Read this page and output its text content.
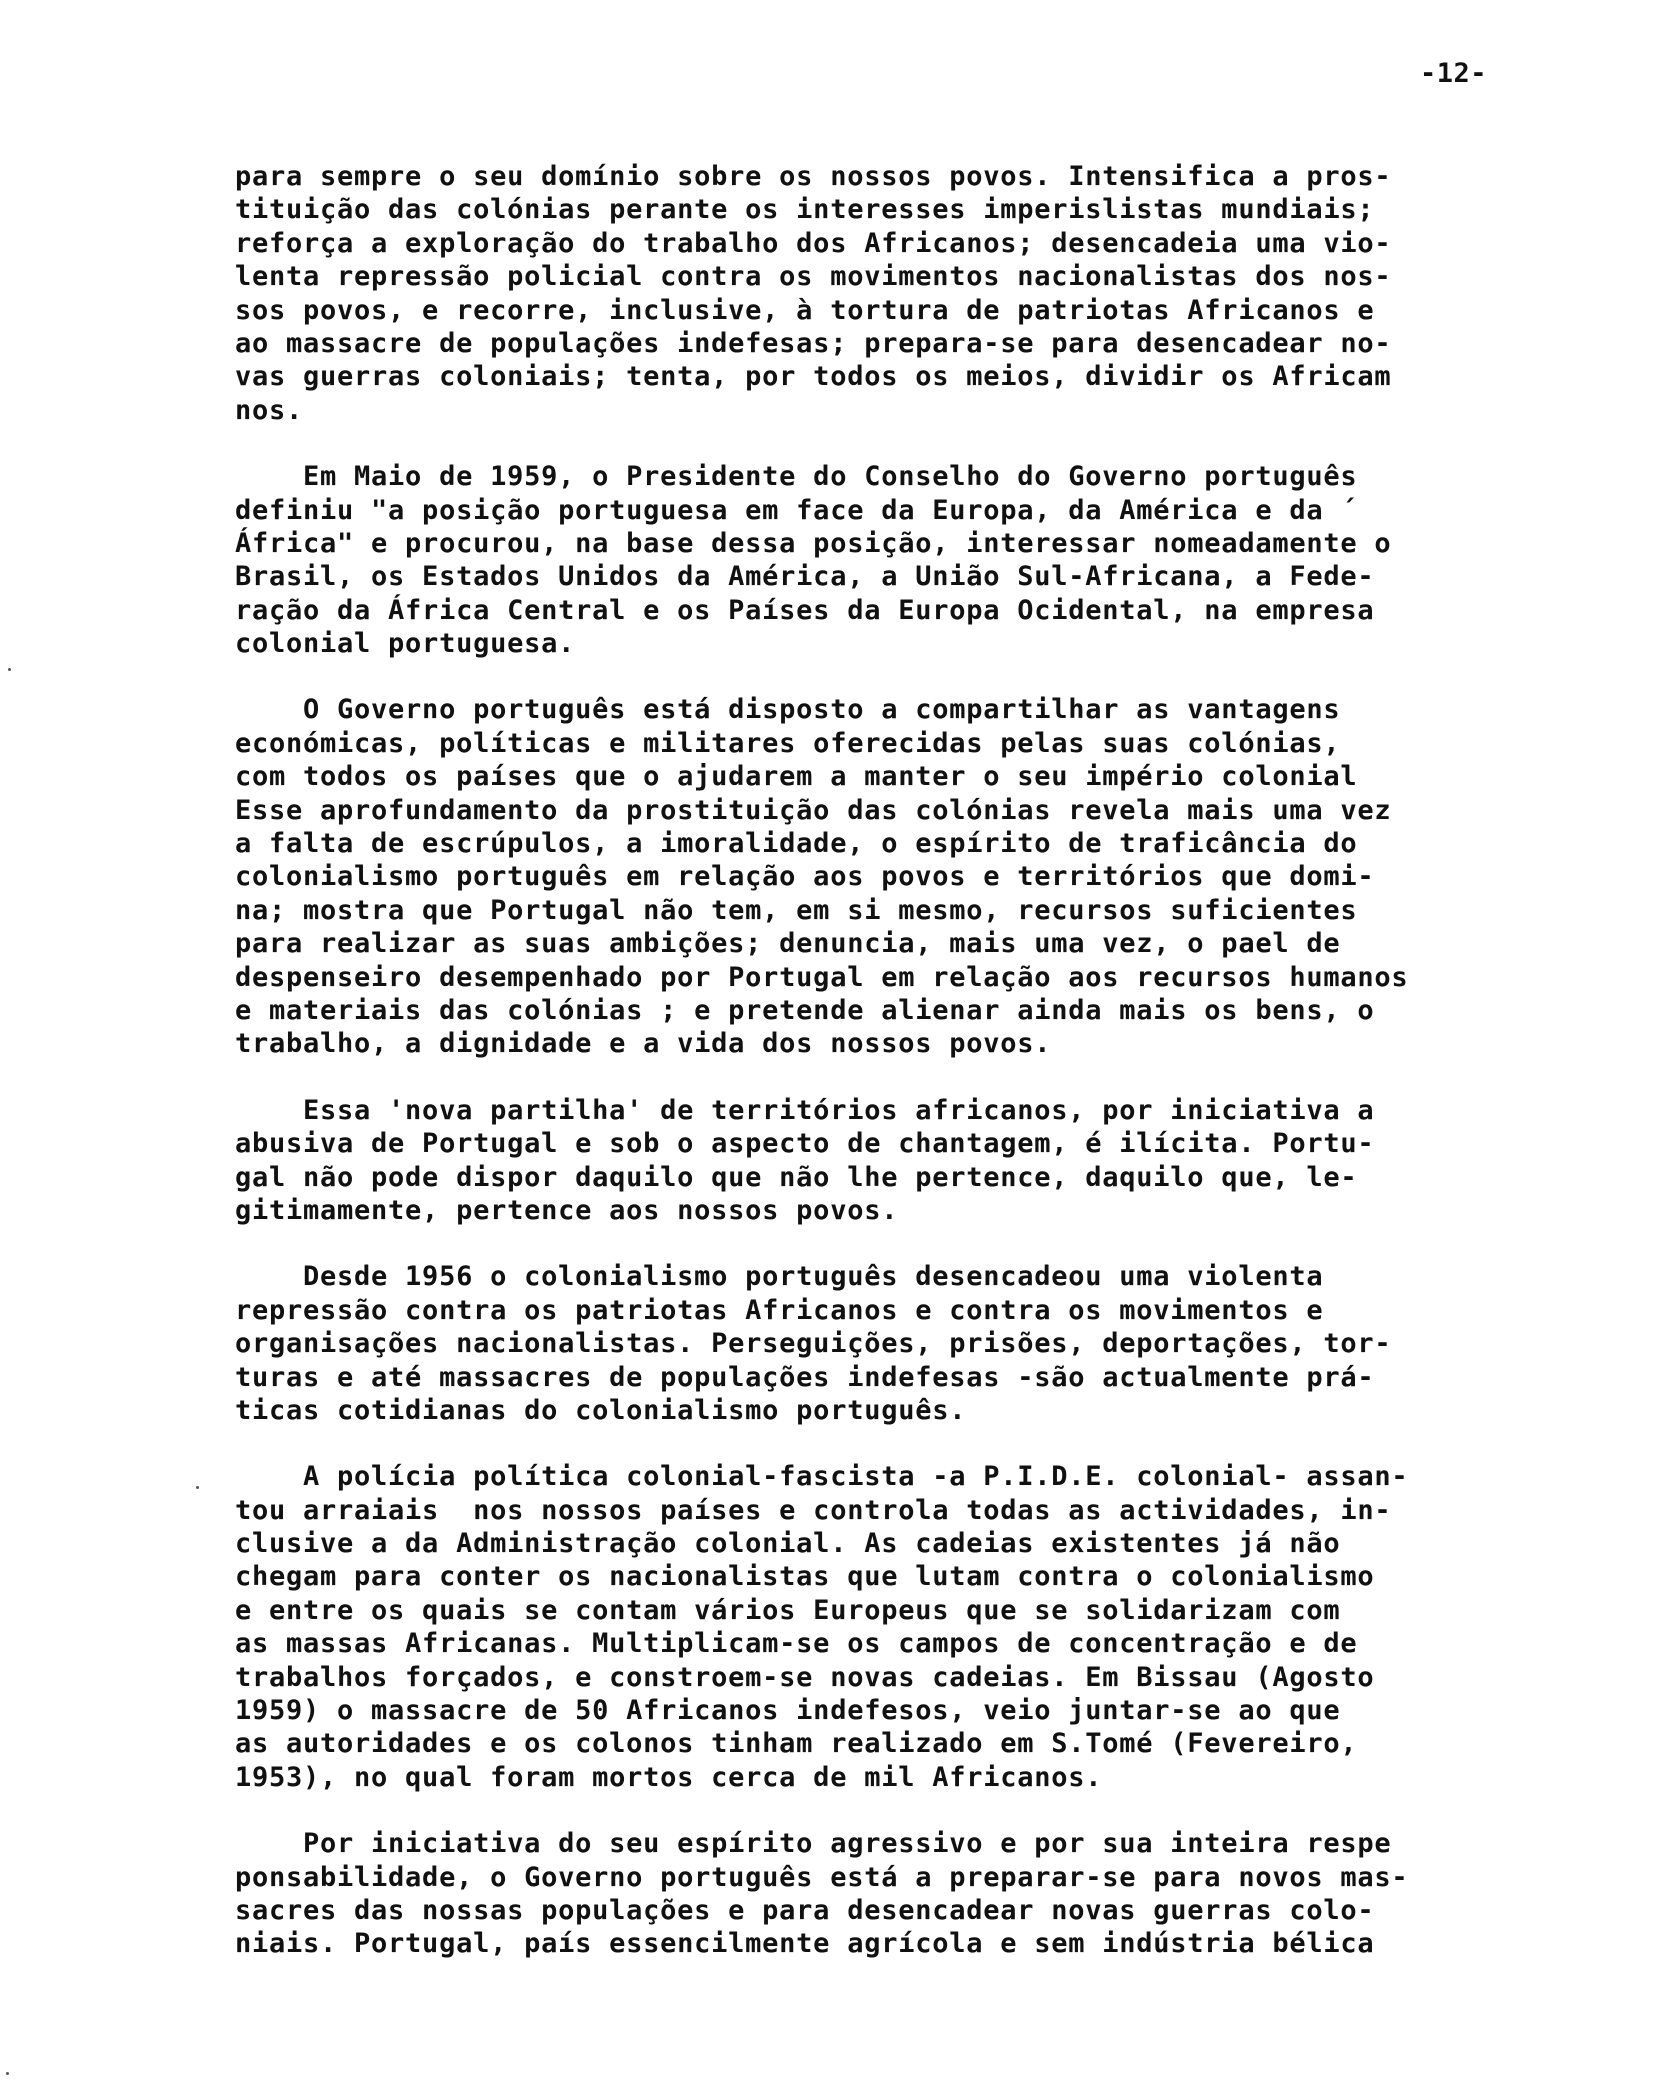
-12-
para sempre o seu domínio sobre os nossos povos. Intensifica a pros-
tituição das colónias perante os interesses imperislistas mundiais;
reforça a exploração do trabalho dos Africanos; desencadeia uma vio-
lenta repressão policial contra os movimentos nacionalistas dos nos-
sos povos, e recorre, inclusive, à tortura de patriotas Africanos e
ao massacre de populações indefesas; prepara-se para desencadear no-
vas guerras coloniais; tenta, por todos os meios, dividir os Africam
nos.
Em Maio de 1959, o Presidente do Conselho do Governo português
definiu "a posição portuguesa em face da Europa, da América e da ´
África" e procurou, na base dessa posição, interessar nomeadamente o
Brasil, os Estados Unidos da América, a União Sul-Africana, a Fede-
ração da África Central e os Países da Europa Ocidental, na empresa
colonial portuguesa.
O Governo português está disposto a compartilhar as vantagens
económicas, políticas e militares oferecidas pelas suas colónias,
com todos os países que o ajudarem a manter o seu império colonial
Esse aprofundamento da prostituição das colónias revela mais uma vez
a falta de escrúpulos, a imoralidade, o espírito de traficância do
colonialismo português em relação aos povos e territórios que domi-
na; mostra que Portugal não tem, em si mesmo, recursos suficientes
para realizar as suas ambições; denuncia, mais uma vez, o pael de
despenseiro desempenhado por Portugal em relação aos recursos humanos
e materiais das colónias ; e pretende alienar ainda mais os bens, o
trabalho, a dignidade e a vida dos nossos povos.
Essa 'nova partilha' de territórios africanos, por iniciativa a
abusiva de Portugal e sob o aspecto de chantagem, é ilícita. Portu-
gal não pode dispor daquilo que não lhe pertence, daquilo que, le-
gitimamente, pertence aos nossos povos.
Desde 1956 o colonialismo português desencadeou uma violenta
repressão contra os patriotas Africanos e contra os movimentos e
organisações nacionalistas. Perseguições, prisões, deportações, tor-
turas e até massacres de populações indefesas -são actualmente prá-
ticas cotidianas do colonialismo português.
A polícia política colonial-fascista -a P.I.D.E. colonial- assan-
tou arraiais  nos nossos países e controla todas as actividades, in-
clusive a da Administração colonial. As cadeias existentes já não
chegam para conter os nacionalistas que lutam contra o colonialismo
e entre os quais se contam vários Europeus que se solidarizam com
as massas Africanas. Multiplicam-se os campos de concentração e de
trabalhos forçados, e constroem-se novas cadeias. Em Bissau (Agosto
1959) o massacre de 50 Africanos indefesos, veio juntar-se ao que
as autoridades e os colonos tinham realizado em S.Tomé (Fevereiro,
1953), no qual foram mortos cerca de mil Africanos.
Por iniciativa do seu espírito agressivo e por sua inteira respe
ponsabilidade, o Governo português está a preparar-se para novos mas-
sacres das nossas populações e para desencadear novas guerras colo-
niais. Portugal, país essencilmente agrícola e sem indústria bélica
